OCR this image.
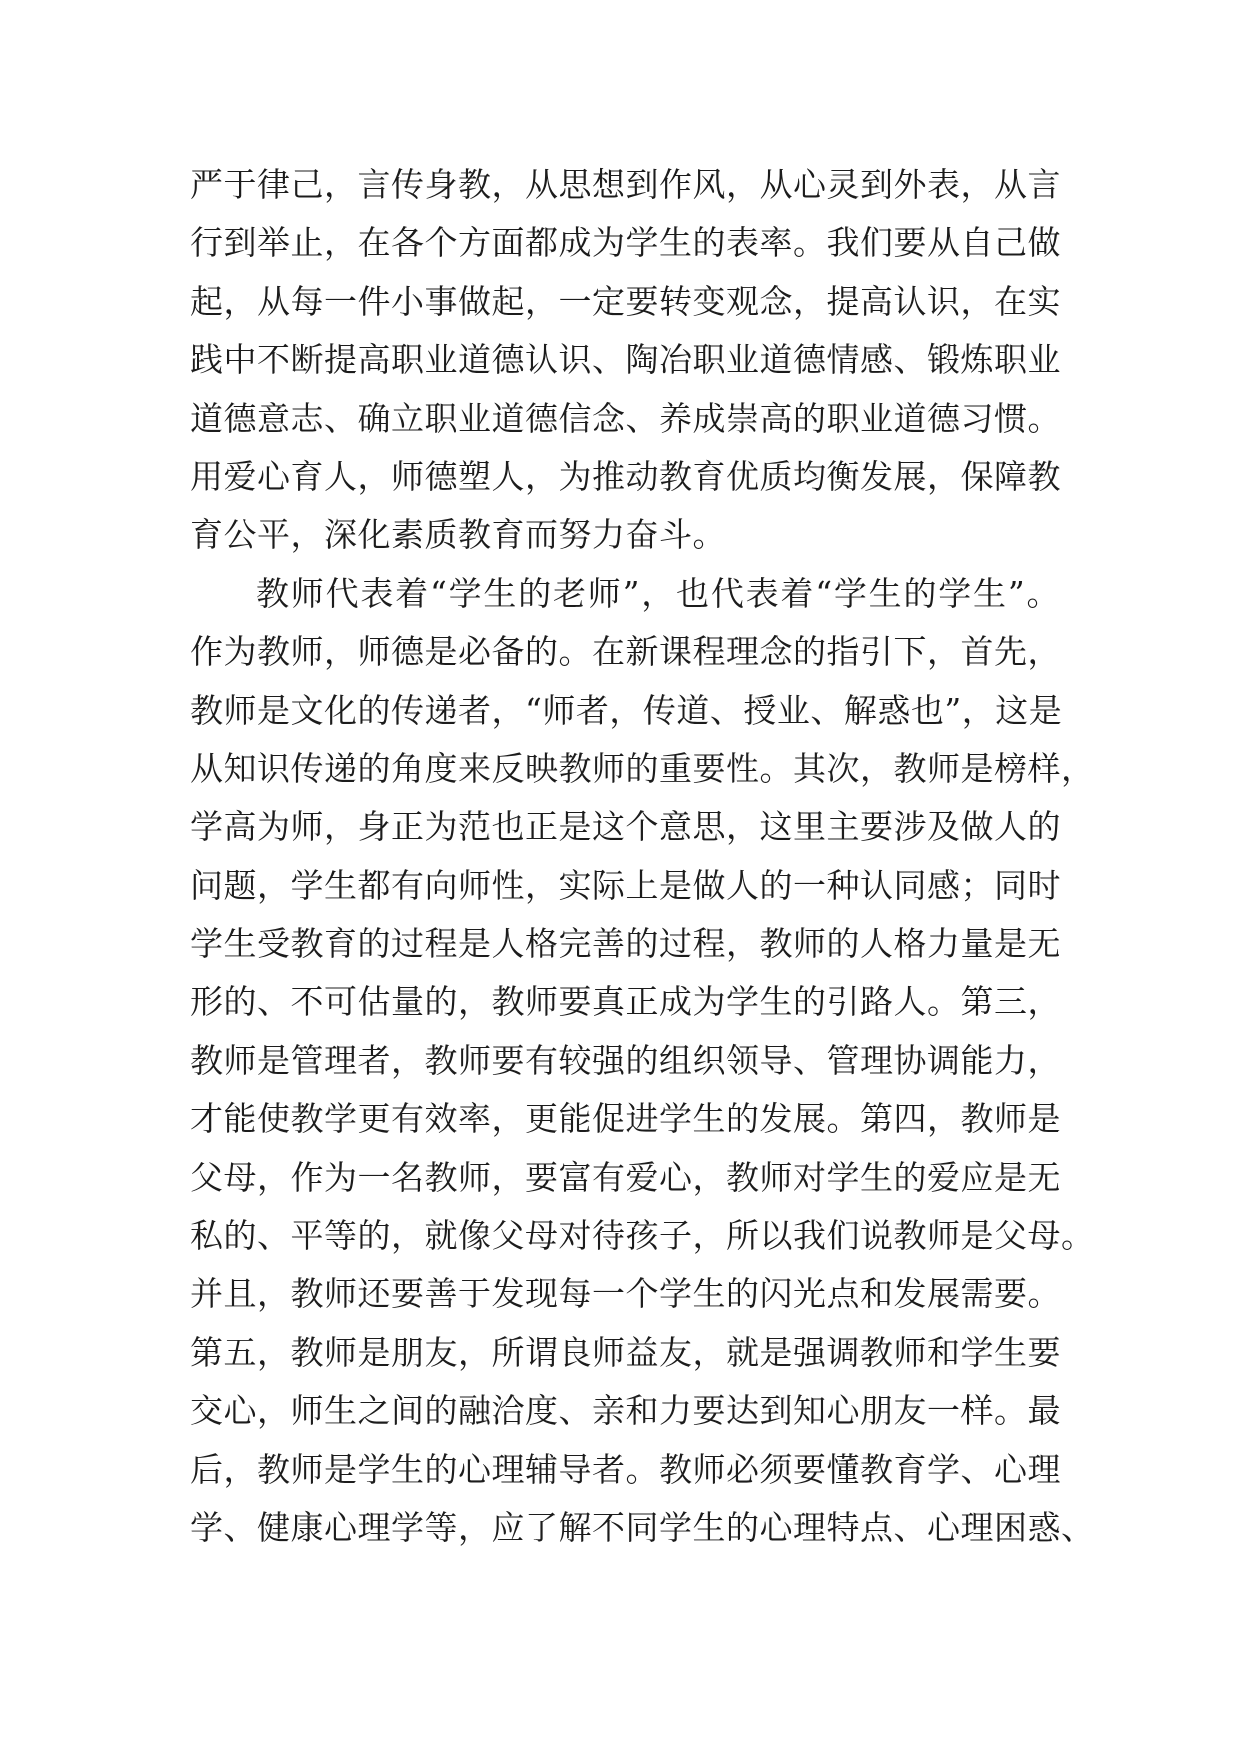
严于律己，言传身教，从思想到作风，从心灵到外表，从言
行到举止，在各个方面都成为学生的表率。我们要从自己做
起，从每一件小事做起，一定要转变观念，提高认识，在实
践中不断提高职业道德认识、陶冶职业道德情感、锻炼职业
道德意志、确立职业道德信念、养成崇高的职业道德习惯。
用爱心育人，师德塑人，为推动教育优质均衡发展，保障教
育公平，深化素质教育而努力奋斗。
教师代表着“学生的老师”，也代表着“学生的学生”。
作为教师，师德是必备的。在新课程理念的指引下，首先，
教师是文化的传递者，“师者，传道、授业、解惑也”，这是
从知识传递的角度来反映教师的重要性。其次，教师是榜样，
学高为师，身正为范也正是这个意思，这里主要涉及做人的
问题，学生都有向师性，实际上是做人的一种认同感；同时
学生受教育的过程是人格完善的过程，教师的人格力量是无
形的、不可估量的，教师要真正成为学生的引路人。第三，
教师是管理者，教师要有较强的组织领导、管理协调能力，
才能使教学更有效率，更能促进学生的发展。第四，教师是
父母，作为一名教师，要富有爱心，教师对学生的爱应是无
私的、平等的，就像父母对待孩子，所以我们说教师是父母。
并且，教师还要善于发现每一个学生的闪光点和发展需要。
第五，教师是朋友，所谓良师益友，就是强调教师和学生要
交心，师生之间的融洽度、亲和力要达到知心朋友一样。最
后，教师是学生的心理辅导者。教师必须要懂教育学、心理
学、健康心理学等，应了解不同学生的心理特点、心理困惑、
